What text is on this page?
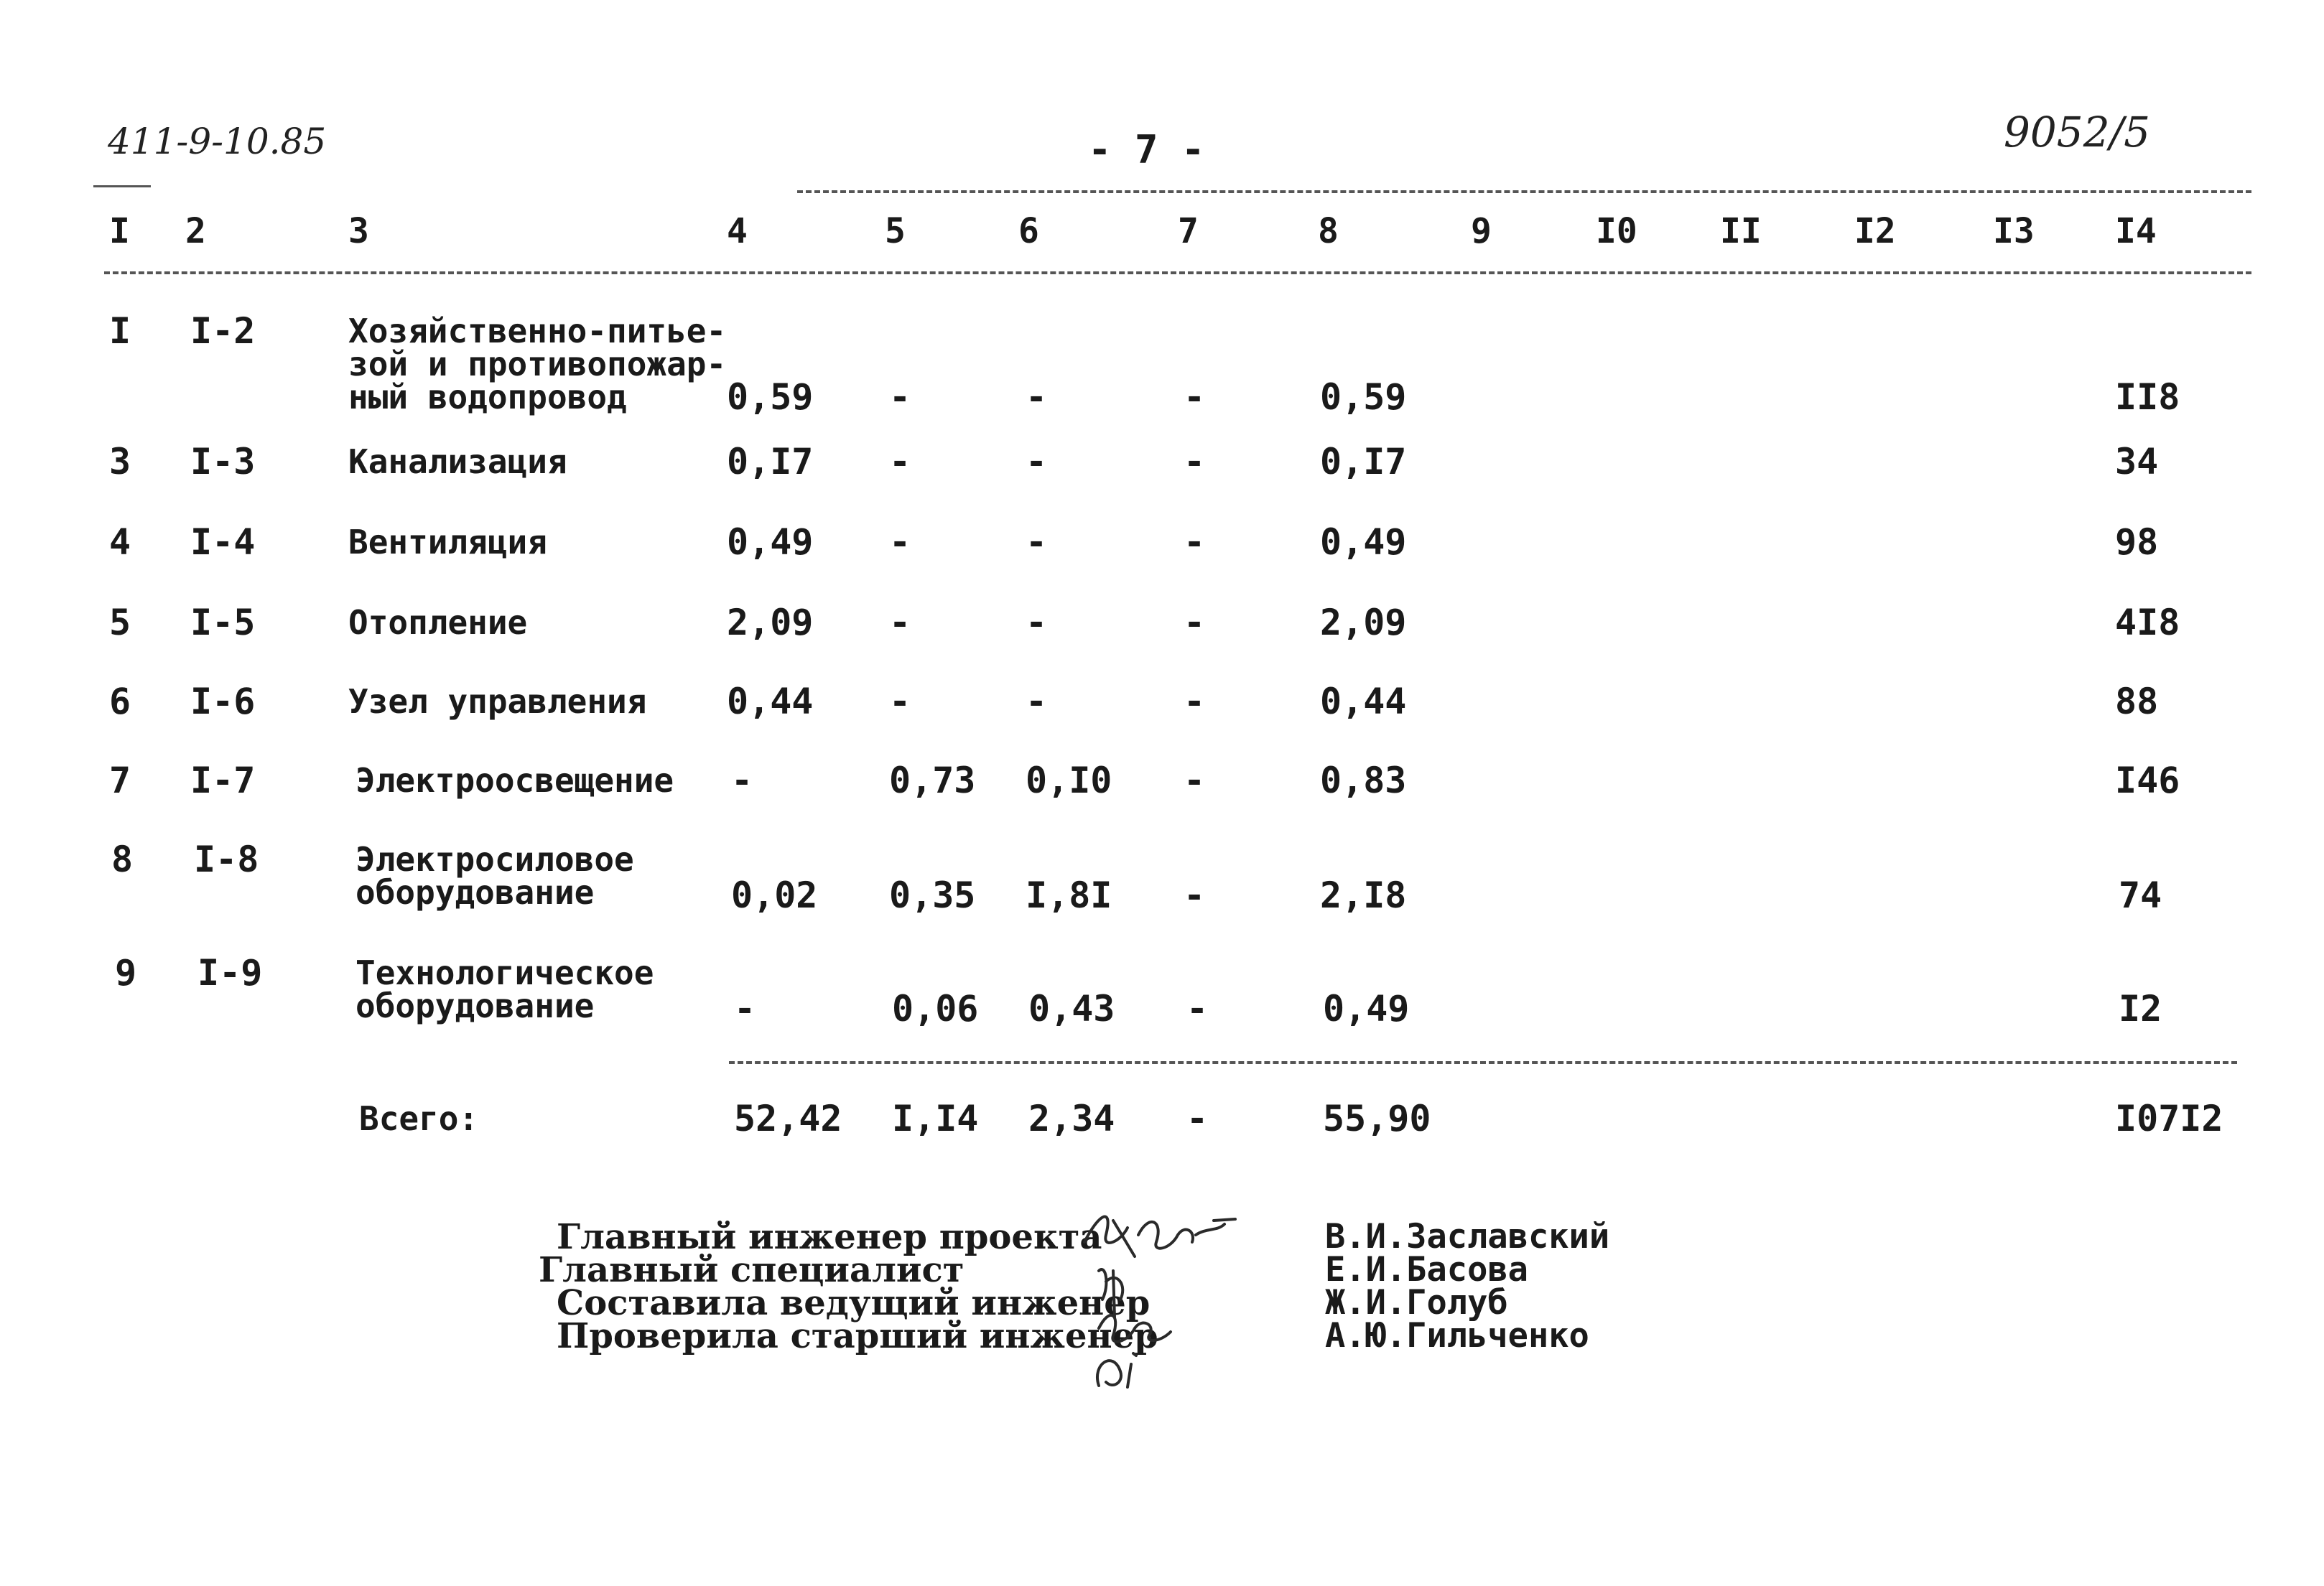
411-9-10.85	- 7 -	9052/5
I 2	3	4	5	6	7	8	9	I0 II	I2	I3 I4
I I-2	Хозяйственно-питье-
зой и противопожар-
ный водопровод	0,59 -	-	-	0,59	II8
3 I-3	Канализация	0,I7 -	-	-	0,I7	34
4 I-4	Вентиляция	0,49 -	-	-	0,49	98
5 I-5	Отопление	2,09 -	-	-	2,09	4I8
6 I-6	Узел управления 0,44 -	-	-	0,44	88
7 I-7	Электроосвещение -	0,73 0,I0 -	0,83	I46
8 I-8	Электросиловое
оборудование	0,02 0,35 I,8I -	2,I8	74
9 I-9	Технологическое
оборудование	-	0,06 0,43 -	0,49	I2
Всего:	52,42 I,I4 2,34 -	55,90	I07I2
Главный инженер проекта
Главный специалист
Составила ведущий инженер
Проверила старший инженер
В.И.Заславский
Е.И.Басова
Ж.И.Голуб
А.Ю.Гильченко
